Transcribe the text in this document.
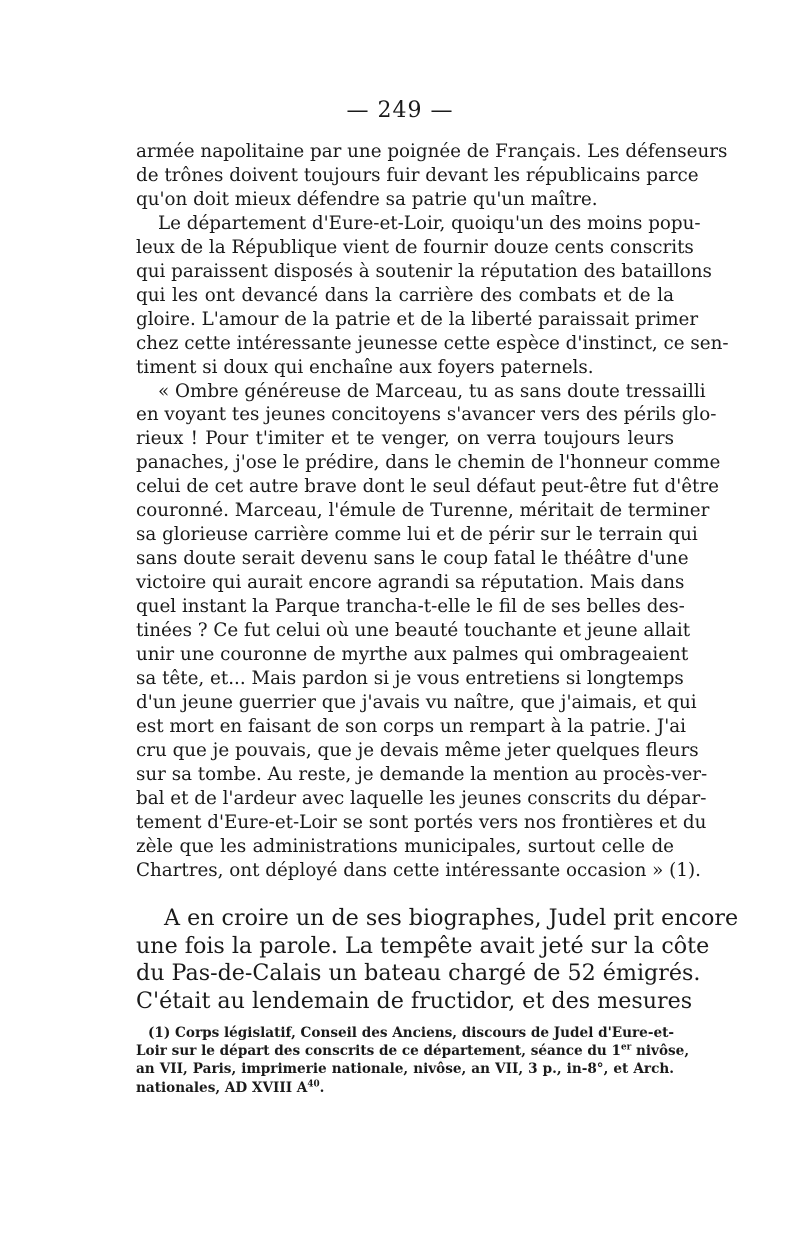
— 249 —
armée napolitaine par une poignée de Français. Les défenseurs
de trônes doivent toujours fuir devant les républicains parce
qu'on doit mieux défendre sa patrie qu'un maître.
Le département d'Eure-et-Loir, quoiqu'un des moins popu-
leux de la République vient de fournir douze cents conscrits
qui paraissent disposés à soutenir la réputation des bataillons
qui les ont devancé dans la carrière des combats et de la
gloire. L'amour de la patrie et de la liberté paraissait primer
chez cette intéressante jeunesse cette espèce d'instinct, ce sen-
timent si doux qui enchaîne aux foyers paternels.
« Ombre généreuse de Marceau, tu as sans doute tressailli
en voyant tes jeunes concitoyens s'avancer vers des périls glo-
rieux ! Pour t'imiter et te venger, on verra toujours leurs
panaches, j'ose le prédire, dans le chemin de l'honneur comme
celui de cet autre brave dont le seul défaut peut-être fut d'être
couronné. Marceau, l'émule de Turenne, méritait de terminer
sa glorieuse carrière comme lui et de périr sur le terrain qui
sans doute serait devenu sans le coup fatal le théâtre d'une
victoire qui aurait encore agrandi sa réputation. Mais dans
quel instant la Parque trancha-t-elle le fil de ses belles des-
tinées ? Ce fut celui où une beauté touchante et jeune allait
unir une couronne de myrthe aux palmes qui ombrageaient
sa tête, et... Mais pardon si je vous entretiens si longtemps
d'un jeune guerrier que j'avais vu naître, que j'aimais, et qui
est mort en faisant de son corps un rempart à la patrie. J'ai
cru que je pouvais, que je devais même jeter quelques fleurs
sur sa tombe. Au reste, je demande la mention au procès-ver-
bal et de l'ardeur avec laquelle les jeunes conscrits du dépar-
tement d'Eure-et-Loir se sont portés vers nos frontières et du
zèle que les administrations municipales, surtout celle de
Chartres, ont déployé dans cette intéressante occasion » (1).
A en croire un de ses biographes, Judel prit encore
une fois la parole. La tempête avait jeté sur la côte
du Pas-de-Calais un bateau chargé de 52 émigrés.
C'était au lendemain de fructidor, et des mesures
(1) Corps législatif, Conseil des Anciens, discours de Judel d'Eure-et-
Loir sur le départ des conscrits de ce département, séance du 1er nivôse,
an VII, Paris, imprimerie nationale, nivôse, an VII, 3 p., in-8°, et Arch.
nationales, AD XVIII $A^{40}$.
